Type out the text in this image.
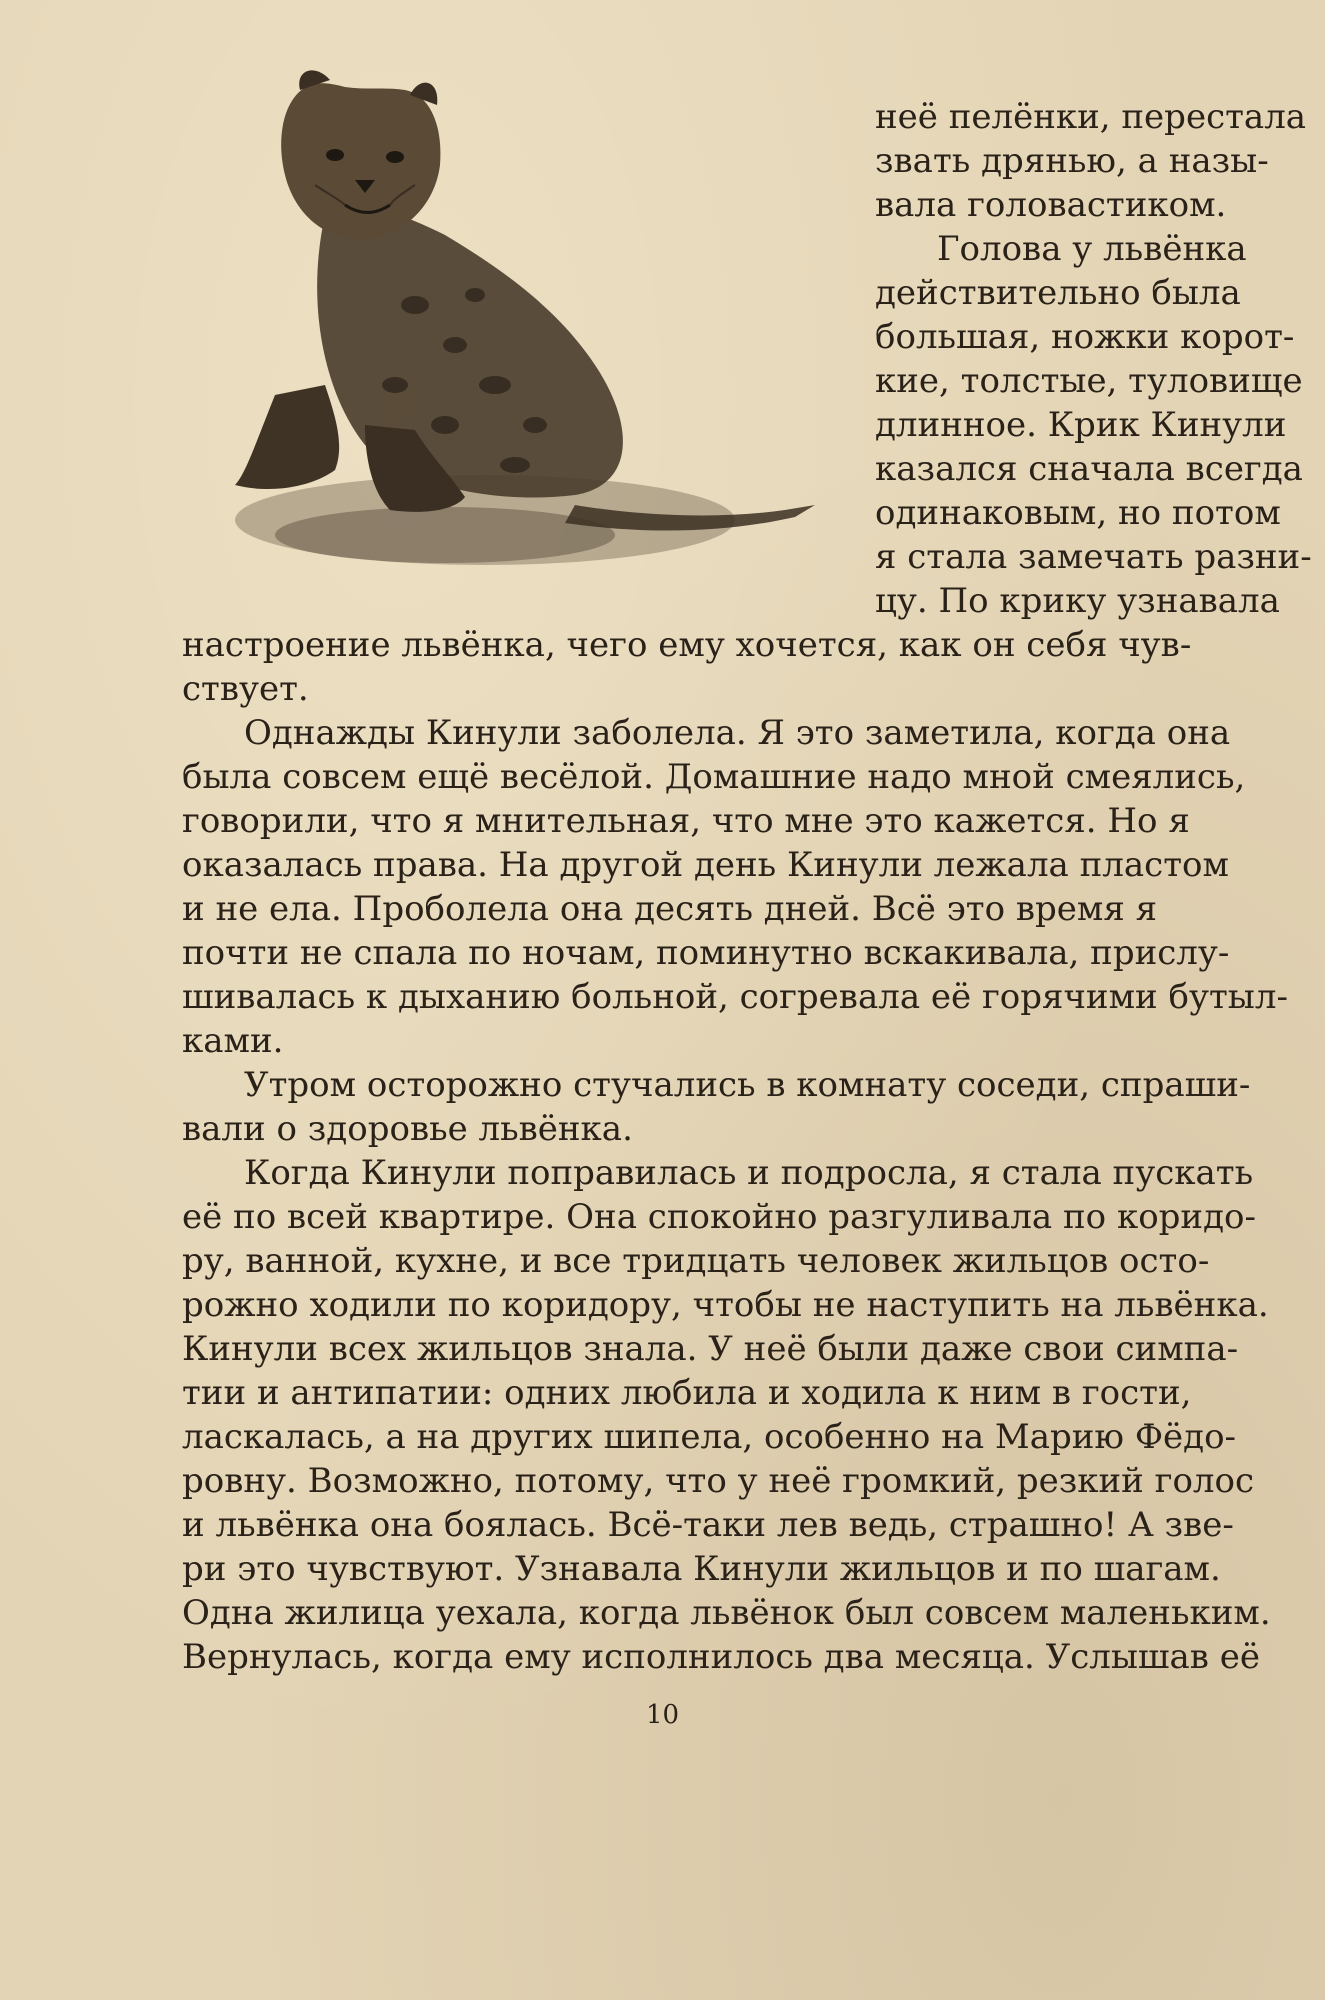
неё пелёнки, перестала
звать дрянью, а назы-
вала головастиком.
Голова у львёнка
действительно была
большая, ножки корот-
кие, толстые, туловище
длинное. Крик Кинули
казался сначала всегда
одинаковым, но потом
я стала замечать разни-
цу. По крику узнавала
настроение львёнка, чего ему хочется, как он себя чув-
ствует.
Однажды Кинули заболела. Я это заметила, когда она
была совсем ещё весёлой. Домашние надо мной смеялись,
говорили, что я мнительная, что мне это кажется. Но я
оказалась права. На другой день Кинули лежала пластом
и не ела. Проболела она десять дней. Всё это время я
почти не спала по ночам, поминутно вскакивала, прислу-
шивалась к дыханию больной, согревала её горячими бутыл-
ками.
Утром осторожно стучались в комнату соседи, спраши-
вали о здоровье львёнка.
Когда Кинули поправилась и подросла, я стала пускать
её по всей квартире. Она спокойно разгуливала по коридо-
ру, ванной, кухне, и все тридцать человек жильцов осто-
рожно ходили по коридору, чтобы не наступить на львёнка.
Кинули всех жильцов знала. У неё были даже свои симпа-
тии и антипатии: одних любила и ходила к ним в гости,
ласкалась, а на других шипела, особенно на Марию Фёдо-
ровну. Возможно, потому, что у неё громкий, резкий голос
и львёнка она боялась. Всё-таки лев ведь, страшно! А зве-
ри это чувствуют. Узнавала Кинули жильцов и по шагам.
Одна жилица уехала, когда львёнок был совсем маленьким.
Вернулась, когда ему исполнилось два месяца. Услышав её
10
